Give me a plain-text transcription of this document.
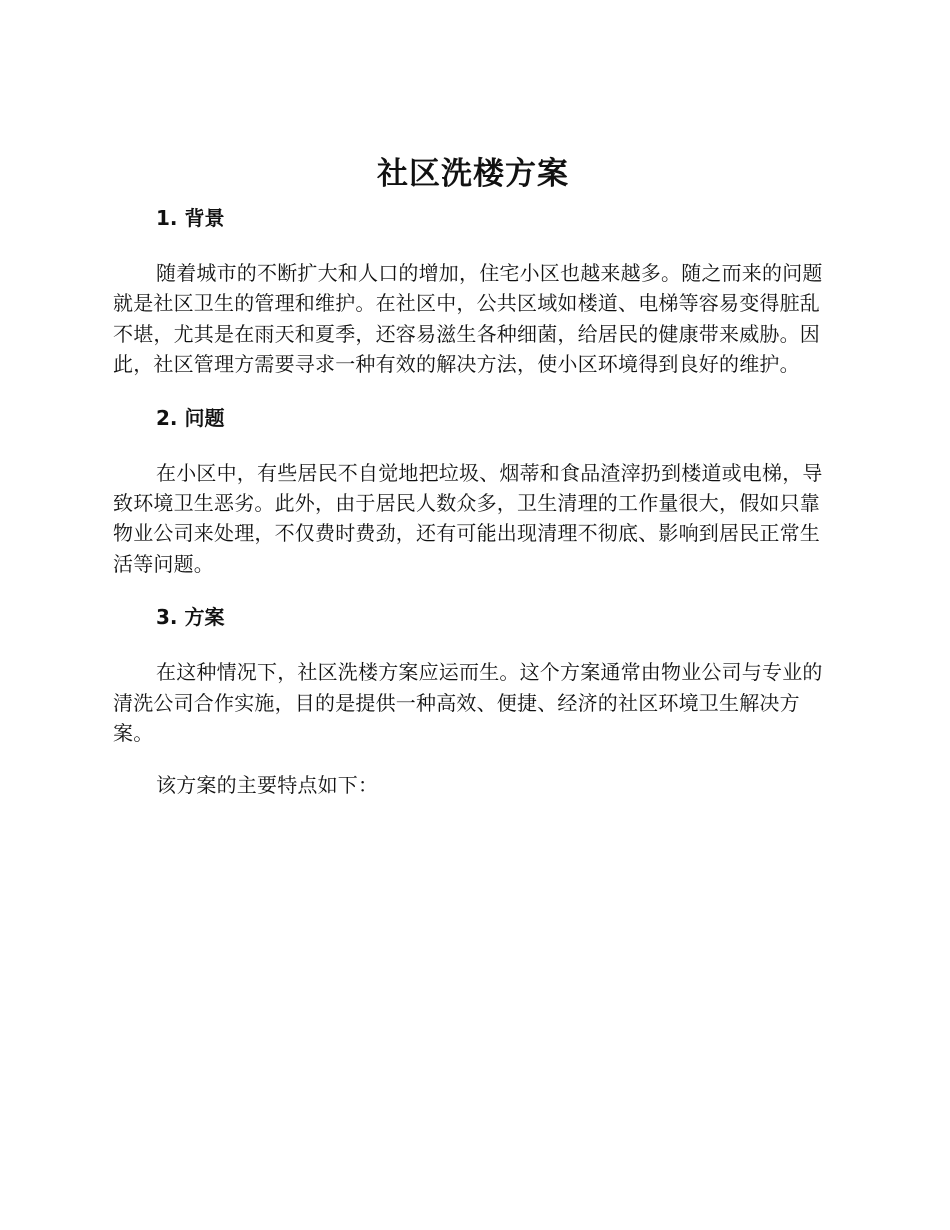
社区洗楼方案
1. 背景

随着城市的不断扩大和人口的增加，住宅小区也越来越多。随之而来的问题就是社区卫生的管理和维护。在社区中，公共区域如楼道、电梯等容易变得脏乱不堪，尤其是在雨天和夏季，还容易滋生各种细菌，给居民的健康带来威胁。因此，社区管理方需要寻求一种有效的解决方法，使小区环境得到良好的维护。

2. 问题

在小区中，有些居民不自觉地把垃圾、烟蒂和食品渣滓扔到楼道或电梯，导致环境卫生恶劣。此外，由于居民人数众多，卫生清理的工作量很大，假如只靠物业公司来处理，不仅费时费劲，还有可能出现清理不彻底、影响到居民正常生活等问题。

3. 方案

在这种情况下，社区洗楼方案应运而生。这个方案通常由物业公司与专业的清洗公司合作实施，目的是提供一种高效、便捷、经济的社区环境卫生解决方案。

该方案的主要特点如下：
